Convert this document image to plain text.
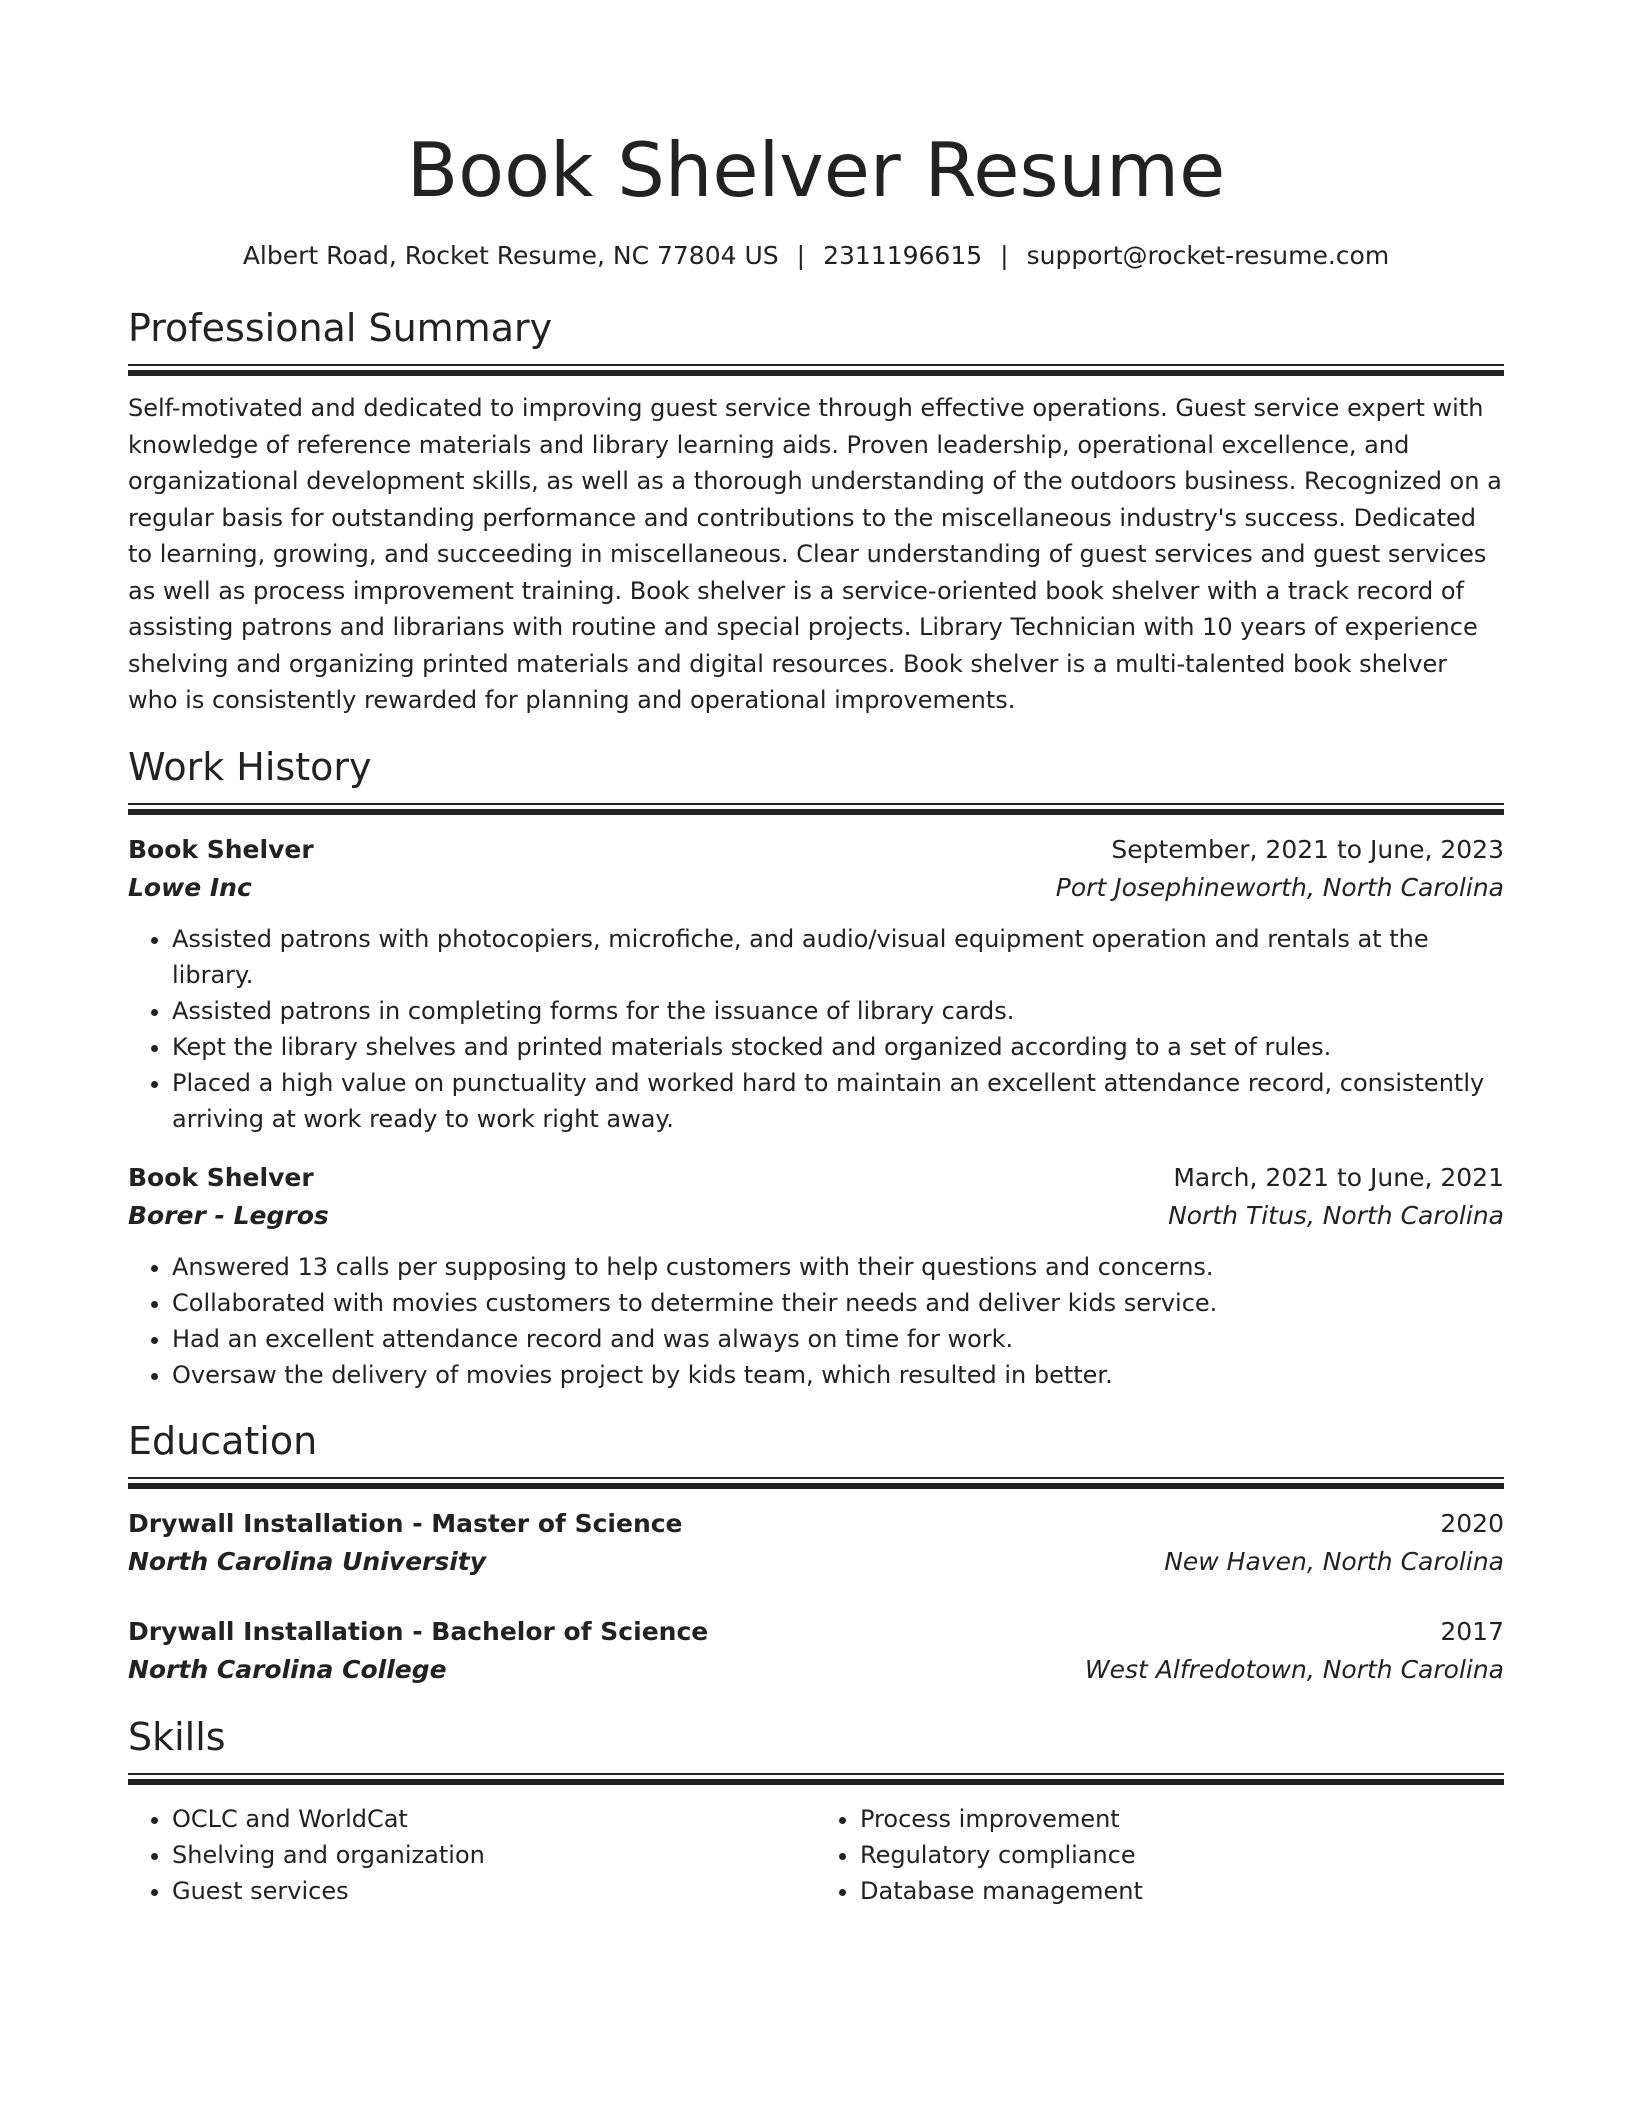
Book Shelver Resume
Albert Road, Rocket Resume, NC 77804 US | 2311196615 | support@rocket-resume.com
Professional Summary

Self-motivated and dedicated to improving guest service through effective operations. Guest service expert with knowledge of reference materials and library learning aids. Proven leadership, operational excellence, and organizational development skills, as well as a thorough understanding of the outdoors business. Recognized on a regular basis for outstanding performance and contributions to the miscellaneous industry's success. Dedicated to learning, growing, and succeeding in miscellaneous. Clear understanding of guest services and guest services as well as process improvement training. Book shelver is a service-oriented book shelver with a track record of assisting patrons and librarians with routine and special projects. Library Technician with 10 years of experience shelving and organizing printed materials and digital resources. Book shelver is a multi-talented book shelver who is consistently rewarded for planning and operational improvements.

Work History
Book Shelver	September, 2021 to June, 2023
Lowe Inc	Port Josephineworth, North Carolina
• Assisted patrons with photocopiers, microfiche, and audio/visual equipment operation and rentals at the library.
• Assisted patrons in completing forms for the issuance of library cards.
• Kept the library shelves and printed materials stocked and organized according to a set of rules.
• Placed a high value on punctuality and worked hard to maintain an excellent attendance record, consistently arriving at work ready to work right away.
Book Shelver	March, 2021 to June, 2021
Borer - Legros	North Titus, North Carolina
• Answered 13 calls per supposing to help customers with their questions and concerns.
• Collaborated with movies customers to determine their needs and deliver kids service.
• Had an excellent attendance record and was always on time for work.
• Oversaw the delivery of movies project by kids team, which resulted in better.
Education
Drywall Installation - Master of Science	2020
North Carolina University	New Haven, North Carolina
Drywall Installation - Bachelor of Science	2017
North Carolina College	West Alfredotown, North Carolina
Skills
• OCLC and WorldCat
• Shelving and organization
• Guest services
• Process improvement
• Regulatory compliance
• Database management
